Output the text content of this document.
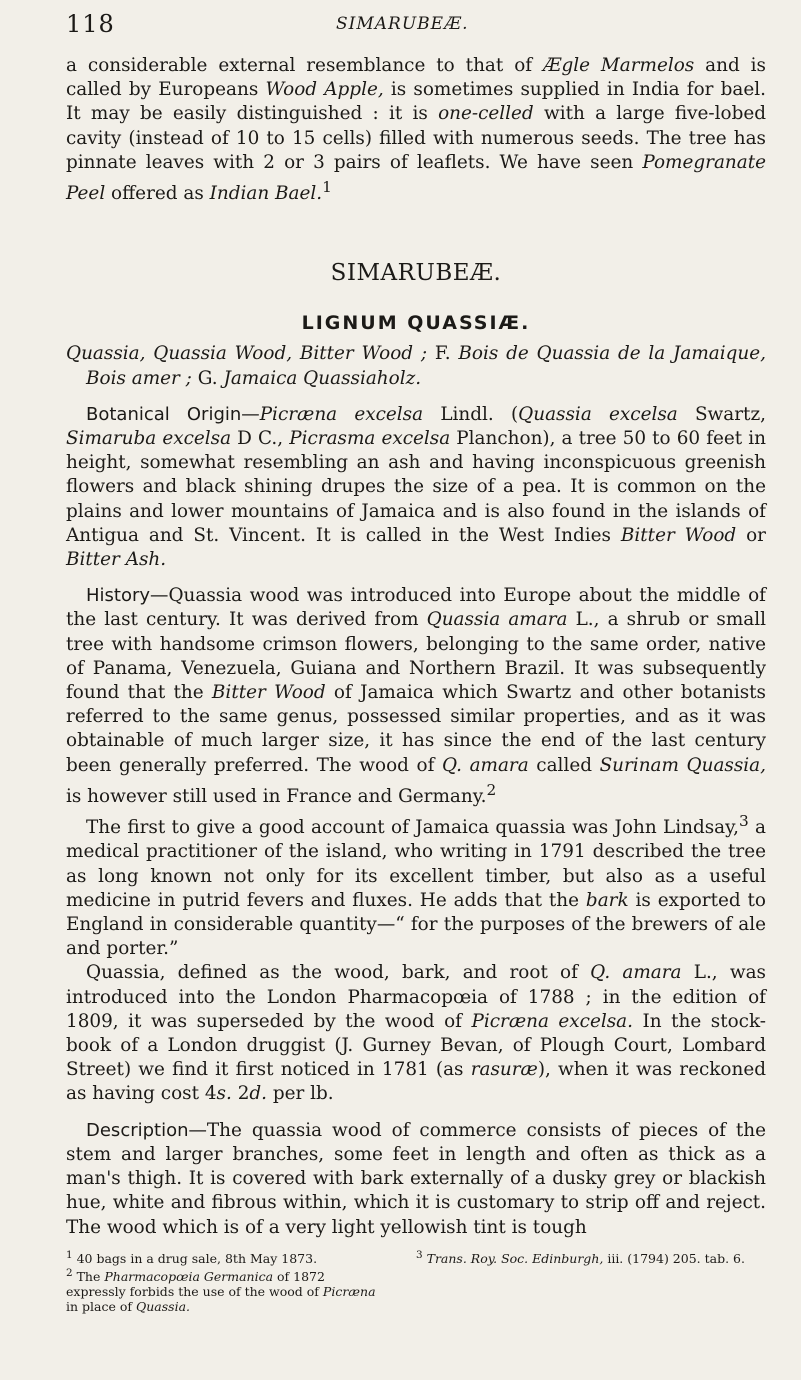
118	SIMARUBEÆ.

a considerable external resemblance to that of Ægle Marmelos and is called by Europeans Wood Apple, is sometimes supplied in India for bael. It may be easily distinguished : it is one-celled with a large five-lobed cavity (instead of 10 to 15 cells) filled with numerous seeds. The tree has pinnate leaves with 2 or 3 pairs of leaflets. We have seen Pomegranate Peel offered as Indian Bael.$^1$

SIMARUBEÆ.
LIGNUM QUASSIÆ.

Quassia, Quassia Wood, Bitter Wood ; F. Bois de Quassia de la Jamaique, Bois amer ; G. Jamaica Quassiaholz.

Botanical Origin—Picræna excelsa Lindl. (Quassia excelsa Swartz, Simaruba excelsa D C., Picrasma excelsa Planchon), a tree 50 to 60 feet in height, somewhat resembling an ash and having inconspicuous greenish flowers and black shining drupes the size of a pea. It is common on the plains and lower mountains of Jamaica and is also found in the islands of Antigua and St. Vincent. It is called in the West Indies Bitter Wood or Bitter Ash.

History—Quassia wood was introduced into Europe about the middle of the last century. It was derived from Quassia amara L., a shrub or small tree with handsome crimson flowers, belonging to the same order, native of Panama, Venezuela, Guiana and Northern Brazil. It was subsequently found that the Bitter Wood of Jamaica which Swartz and other botanists referred to the same genus, possessed similar properties, and as it was obtainable of much larger size, it has since the end of the last century been generally preferred. The wood of Q. amara called Surinam Quassia, is however still used in France and Germany.$^2$

The first to give a good account of Jamaica quassia was John Lindsay,$^3$ a medical practitioner of the island, who writing in 1791 described the tree as long known not only for its excellent timber, but also as a useful medicine in putrid fevers and fluxes. He adds that the bark is exported to England in considerable quantity—“ for the purposes of the brewers of ale and porter.”

Quassia, defined as the wood, bark, and root of Q. amara L., was introduced into the London Pharmacopœia of 1788 ; in the edition of 1809, it was superseded by the wood of Picræna excelsa. In the stock-book of a London druggist (J. Gurney Bevan, of Plough Court, Lombard Street) we find it first noticed in 1781 (as rasuræ), when it was reckoned as having cost 4s. 2d. per lb.

Description—The quassia wood of commerce consists of pieces of the stem and larger branches, some feet in length and often as thick as a man's thigh. It is covered with bark externally of a dusky grey or blackish hue, white and fibrous within, which it is customary to strip off and reject. The wood which is of a very light yellowish tint is tough

$^1$ 40 bags in a drug sale, 8th May 1873.

$^2$ The Pharmacopœia Germanica of 1872 expressly forbids the use of the wood of Picræna in place of Quassia.

$^3$ Trans. Roy. Soc. Edinburgh, iii. (1794) 205. tab. 6.
